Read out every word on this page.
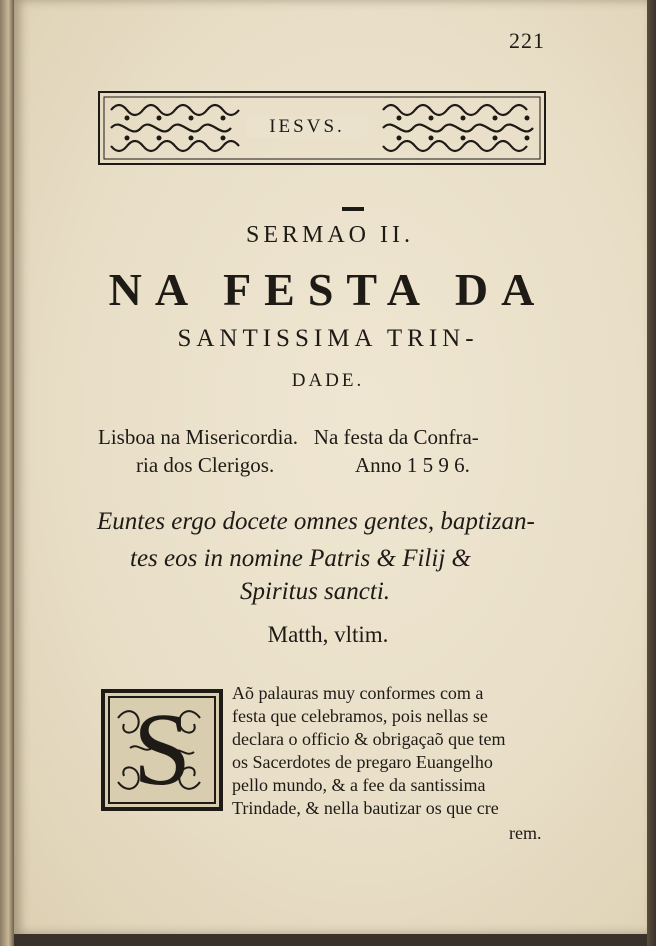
221
IESVS.
SERMAO II.
NA FESTA DA
SANTISSIMA TRIN-
DADE.
Lisboa na Misericordia.   Na festa da Confra-
ria dos Clerigos.	Anno 1 5 9 6.
Euntes ergo docete omnes gentes, baptizan-
tes eos in nomine Patris & Filij &
Spiritus sancti.
Matth, vltim.
S	Aõ palauras muy conformes com a
festa que celebramos, pois nellas se
declara o officio & obrigaçaõ que tem
os Sacerdotes de pregaro Euangelho
pello mundo, & a fee da santissima
Trindade, & nella bautizar os que cre
rem.
